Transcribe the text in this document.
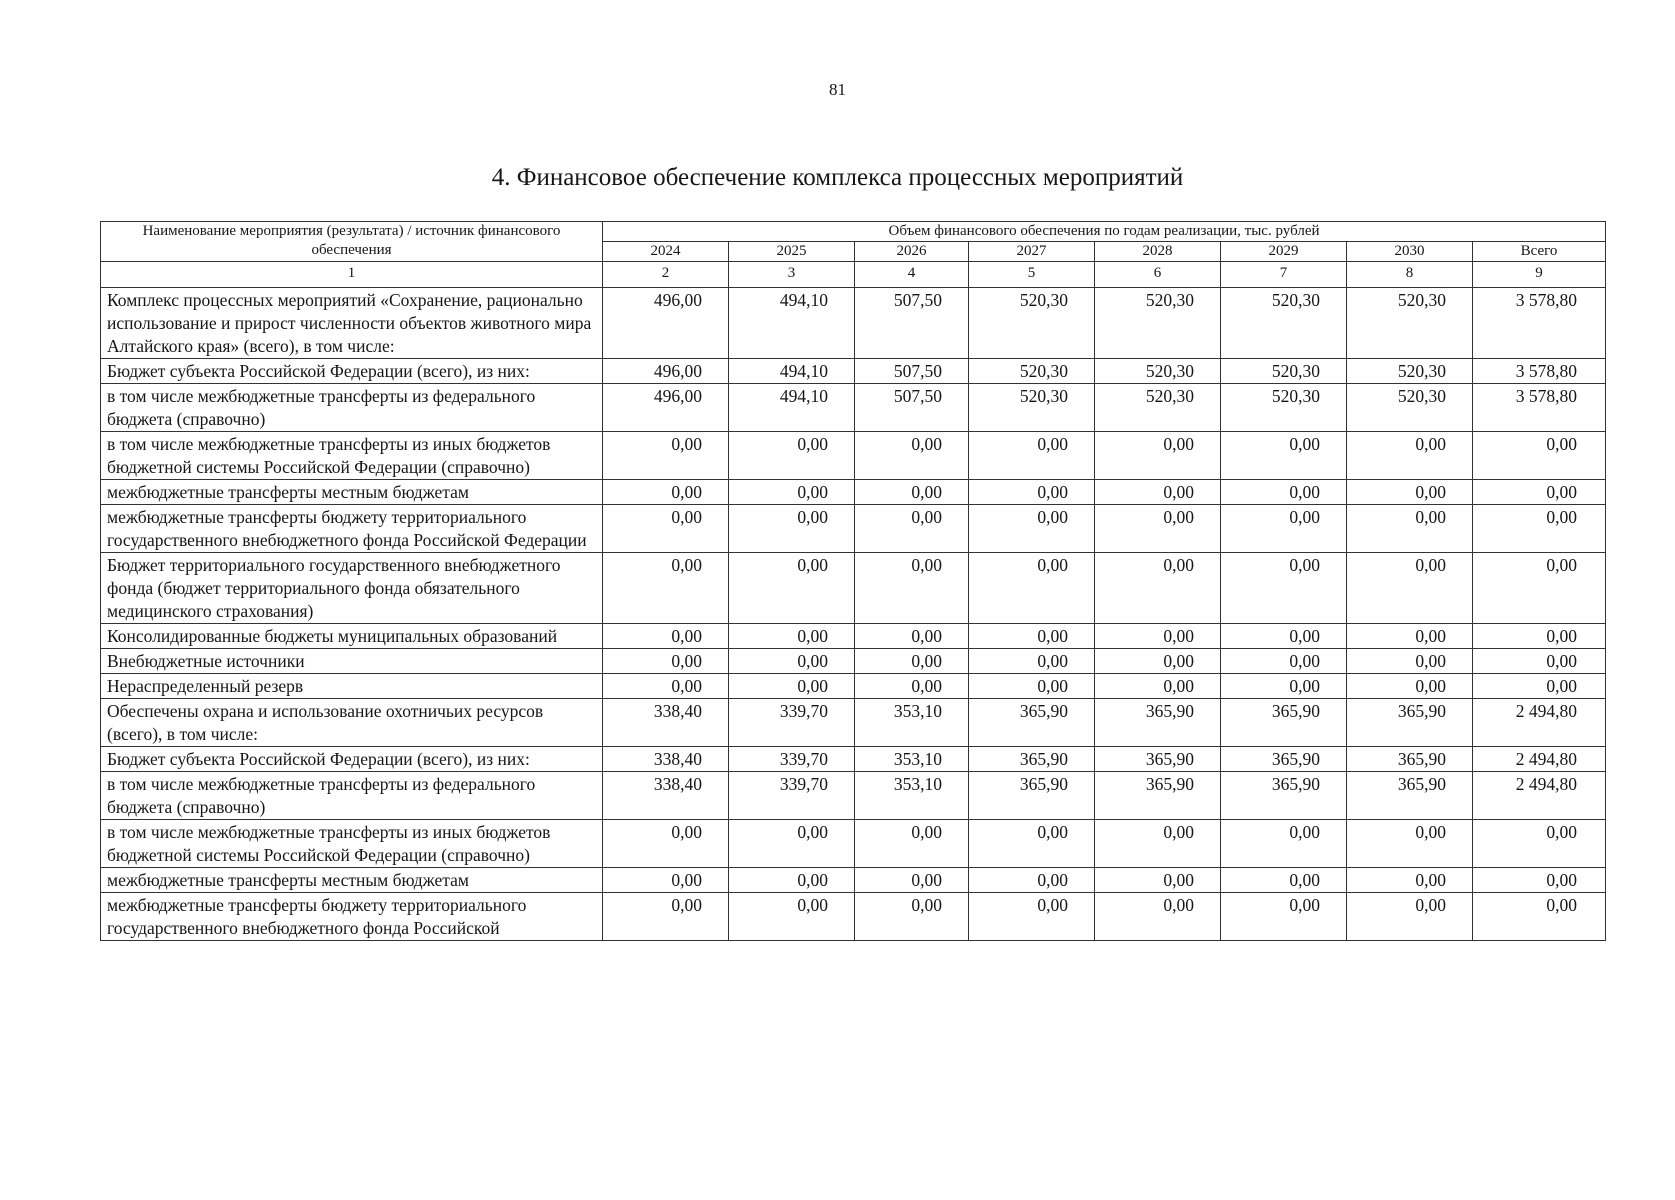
81
4. Финансовое обеспечение комплекса процессных мероприятий
Наименование мероприятия (результата) / источник финансового обеспечения	Объем финансового обеспечения по годам реализации, тыс. рублей							
	2024	2025	2026	2027	2028	2029	2030	Всего
1	2	3	4	5	6	7	8	9
Комплекс процессных мероприятий «Сохранение, рационально использование и прирост численности объектов животного мира Алтайского края» (всего), в том числе:	496,00	494,10	507,50	520,30	520,30	520,30	520,30	3 578,80
Бюджет субъекта Российской Федерации (всего), из них:	496,00	494,10	507,50	520,30	520,30	520,30	520,30	3 578,80
в том числе межбюджетные трансферты из федерального бюджета (справочно)	496,00	494,10	507,50	520,30	520,30	520,30	520,30	3 578,80
в том числе межбюджетные трансферты из иных бюджетов бюджетной системы Российской Федерации (справочно)	0,00	0,00	0,00	0,00	0,00	0,00	0,00	0,00
межбюджетные трансферты местным бюджетам	0,00	0,00	0,00	0,00	0,00	0,00	0,00	0,00
межбюджетные трансферты бюджету территориального государственного внебюджетного фонда Российской Федерации	0,00	0,00	0,00	0,00	0,00	0,00	0,00	0,00
Бюджет территориального государственного внебюджетного фонда (бюджет территориального фонда обязательного медицинского страхования)	0,00	0,00	0,00	0,00	0,00	0,00	0,00	0,00
Консолидированные бюджеты муниципальных образований	0,00	0,00	0,00	0,00	0,00	0,00	0,00	0,00
Внебюджетные источники	0,00	0,00	0,00	0,00	0,00	0,00	0,00	0,00
Нераспределенный резерв	0,00	0,00	0,00	0,00	0,00	0,00	0,00	0,00
Обеспечены охрана и использование охотничьих ресурсов (всего), в том числе:	338,40	339,70	353,10	365,90	365,90	365,90	365,90	2 494,80
Бюджет субъекта Российской Федерации (всего), из них:	338,40	339,70	353,10	365,90	365,90	365,90	365,90	2 494,80
в том числе межбюджетные трансферты из федерального бюджета (справочно)	338,40	339,70	353,10	365,90	365,90	365,90	365,90	2 494,80
в том числе межбюджетные трансферты из иных бюджетов бюджетной системы Российской Федерации (справочно)	0,00	0,00	0,00	0,00	0,00	0,00	0,00	0,00
межбюджетные трансферты местным бюджетам	0,00	0,00	0,00	0,00	0,00	0,00	0,00	0,00
межбюджетные трансферты бюджету территориального государственного внебюджетного фонда Российской	0,00	0,00	0,00	0,00	0,00	0,00	0,00	0,00
